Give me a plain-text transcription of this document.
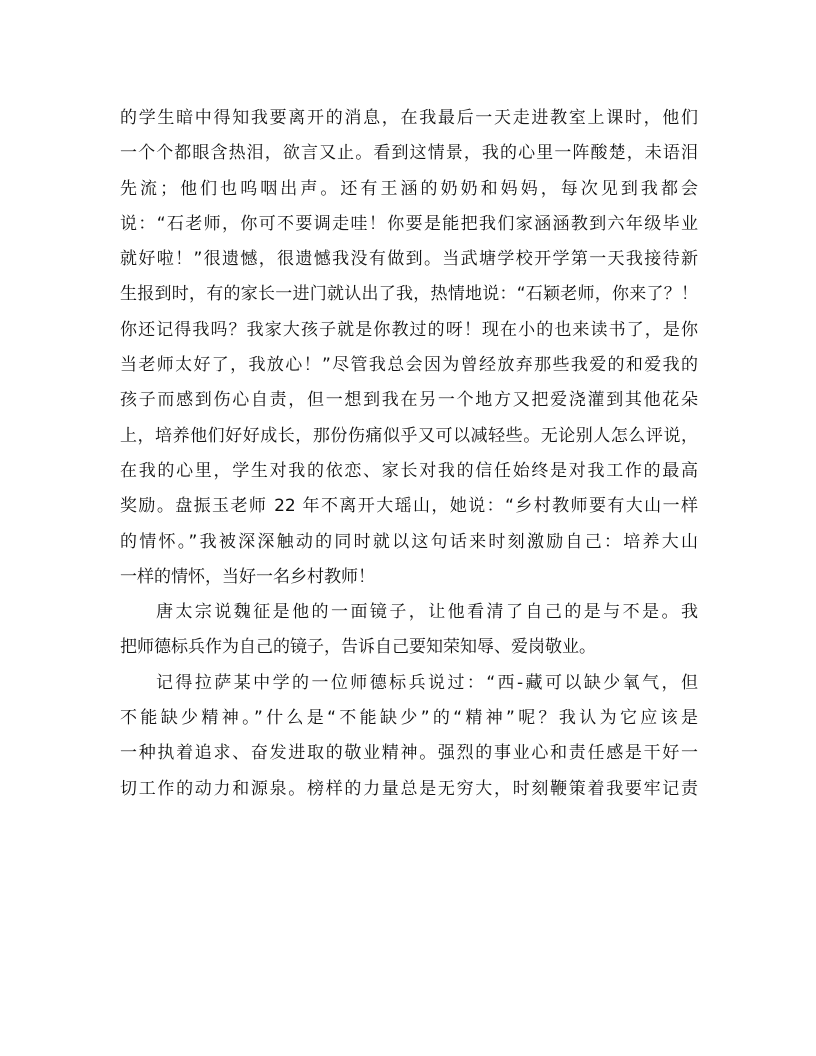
的学生暗中得知我要离开的消息，在我最后一天走进教室上课时，他们
一个个都眼含热泪，欲言又止。看到这情景，我的心里一阵酸楚，未语泪
先流；他们也呜咽出声。还有王涵的奶奶和妈妈，每次见到我都会
说：“石老师，你可不要调走哇！你要是能把我们家涵涵教到六年级毕业
就好啦！”很遗憾，很遗憾我没有做到。当武塘学校开学第一天我接待新
生报到时，有的家长一进门就认出了我，热情地说：“石颖老师，你来了？！
你还记得我吗？我家大孩子就是你教过的呀！现在小的也来读书了，是你
当老师太好了，我放心！”尽管我总会因为曾经放弃那些我爱的和爱我的
孩子而感到伤心自责，但一想到我在另一个地方又把爱浇灌到其他花朵
上，培养他们好好成长，那份伤痛似乎又可以减轻些。无论别人怎么评说，
在我的心里，学生对我的依恋、家长对我的信任始终是对我工作的最高
奖励。盘振玉老师 22 年不离开大瑶山，她说：“乡村教师要有大山一样
的情怀。”我被深深触动的同时就以这句话来时刻激励自己：培养大山
一样的情怀，当好一名乡村教师！

唐太宗说魏征是他的一面镜子，让他看清了自己的是与不是。我
把师德标兵作为自己的镜子，告诉自己要知荣知辱、爱岗敬业。

记得拉萨某中学的一位师德标兵说过：“西-藏可以缺少氧气，但
不能缺少精神。”什么是“不能缺少”的“精神”呢？我认为它应该是
一种执着追求、奋发进取的敬业精神。强烈的事业心和责任感是干好一
切工作的动力和源泉。榜样的力量总是无穷大，时刻鞭策着我要牢记责
